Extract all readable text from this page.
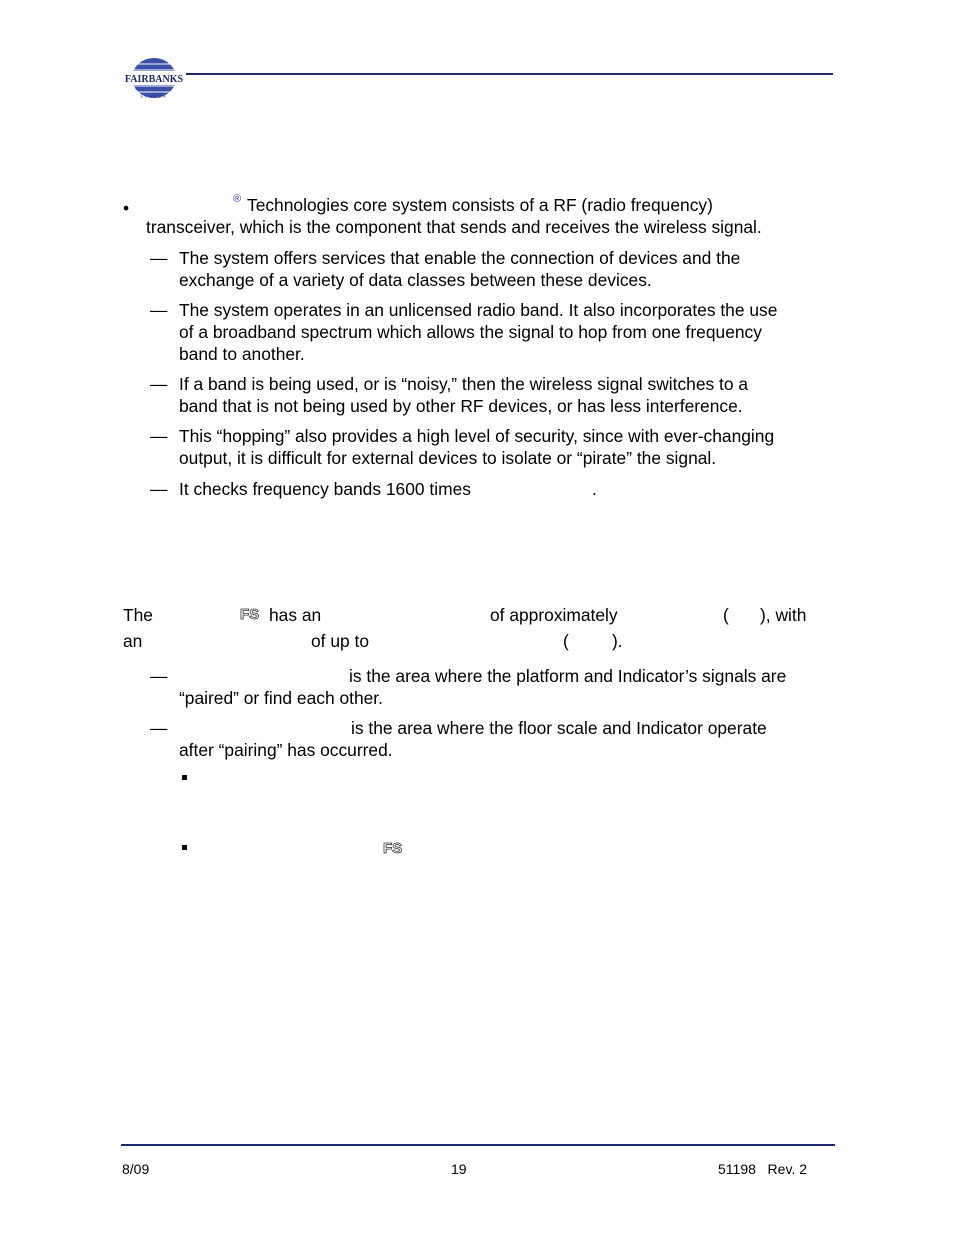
FAIRBANKS
SCALES
•	® Technologies core system consists of a RF (radio frequency)
transceiver, which is the component that sends and receives the wireless signal.
— The system offers services that enable the connection of devices and the
exchange of a variety of data classes between these devices.
— The system operates in an unlicensed radio band. It also incorporates the use
of a broadband spectrum which allows the signal to hop from one frequency
band to another.
— If a band is being used, or is “noisy,” then the wireless signal switches to a
band that is not being used by other RF devices, or has less interference.
— This “hopping” also provides a high level of security, since with ever-changing
output, it is difficult for external devices to isolate or “pirate” the signal.
— It checks frequency bands 1600 times	.
The	FS has an	of approximately	( ), with
an	of up to	( ).
—	is the area where the platform and Indicator’s signals are
“paired” or find each other.
—	is the area where the floor scale and Indicator operate
after “pairing” has occurred.
FS
8/09	19	51198   Rev. 2
